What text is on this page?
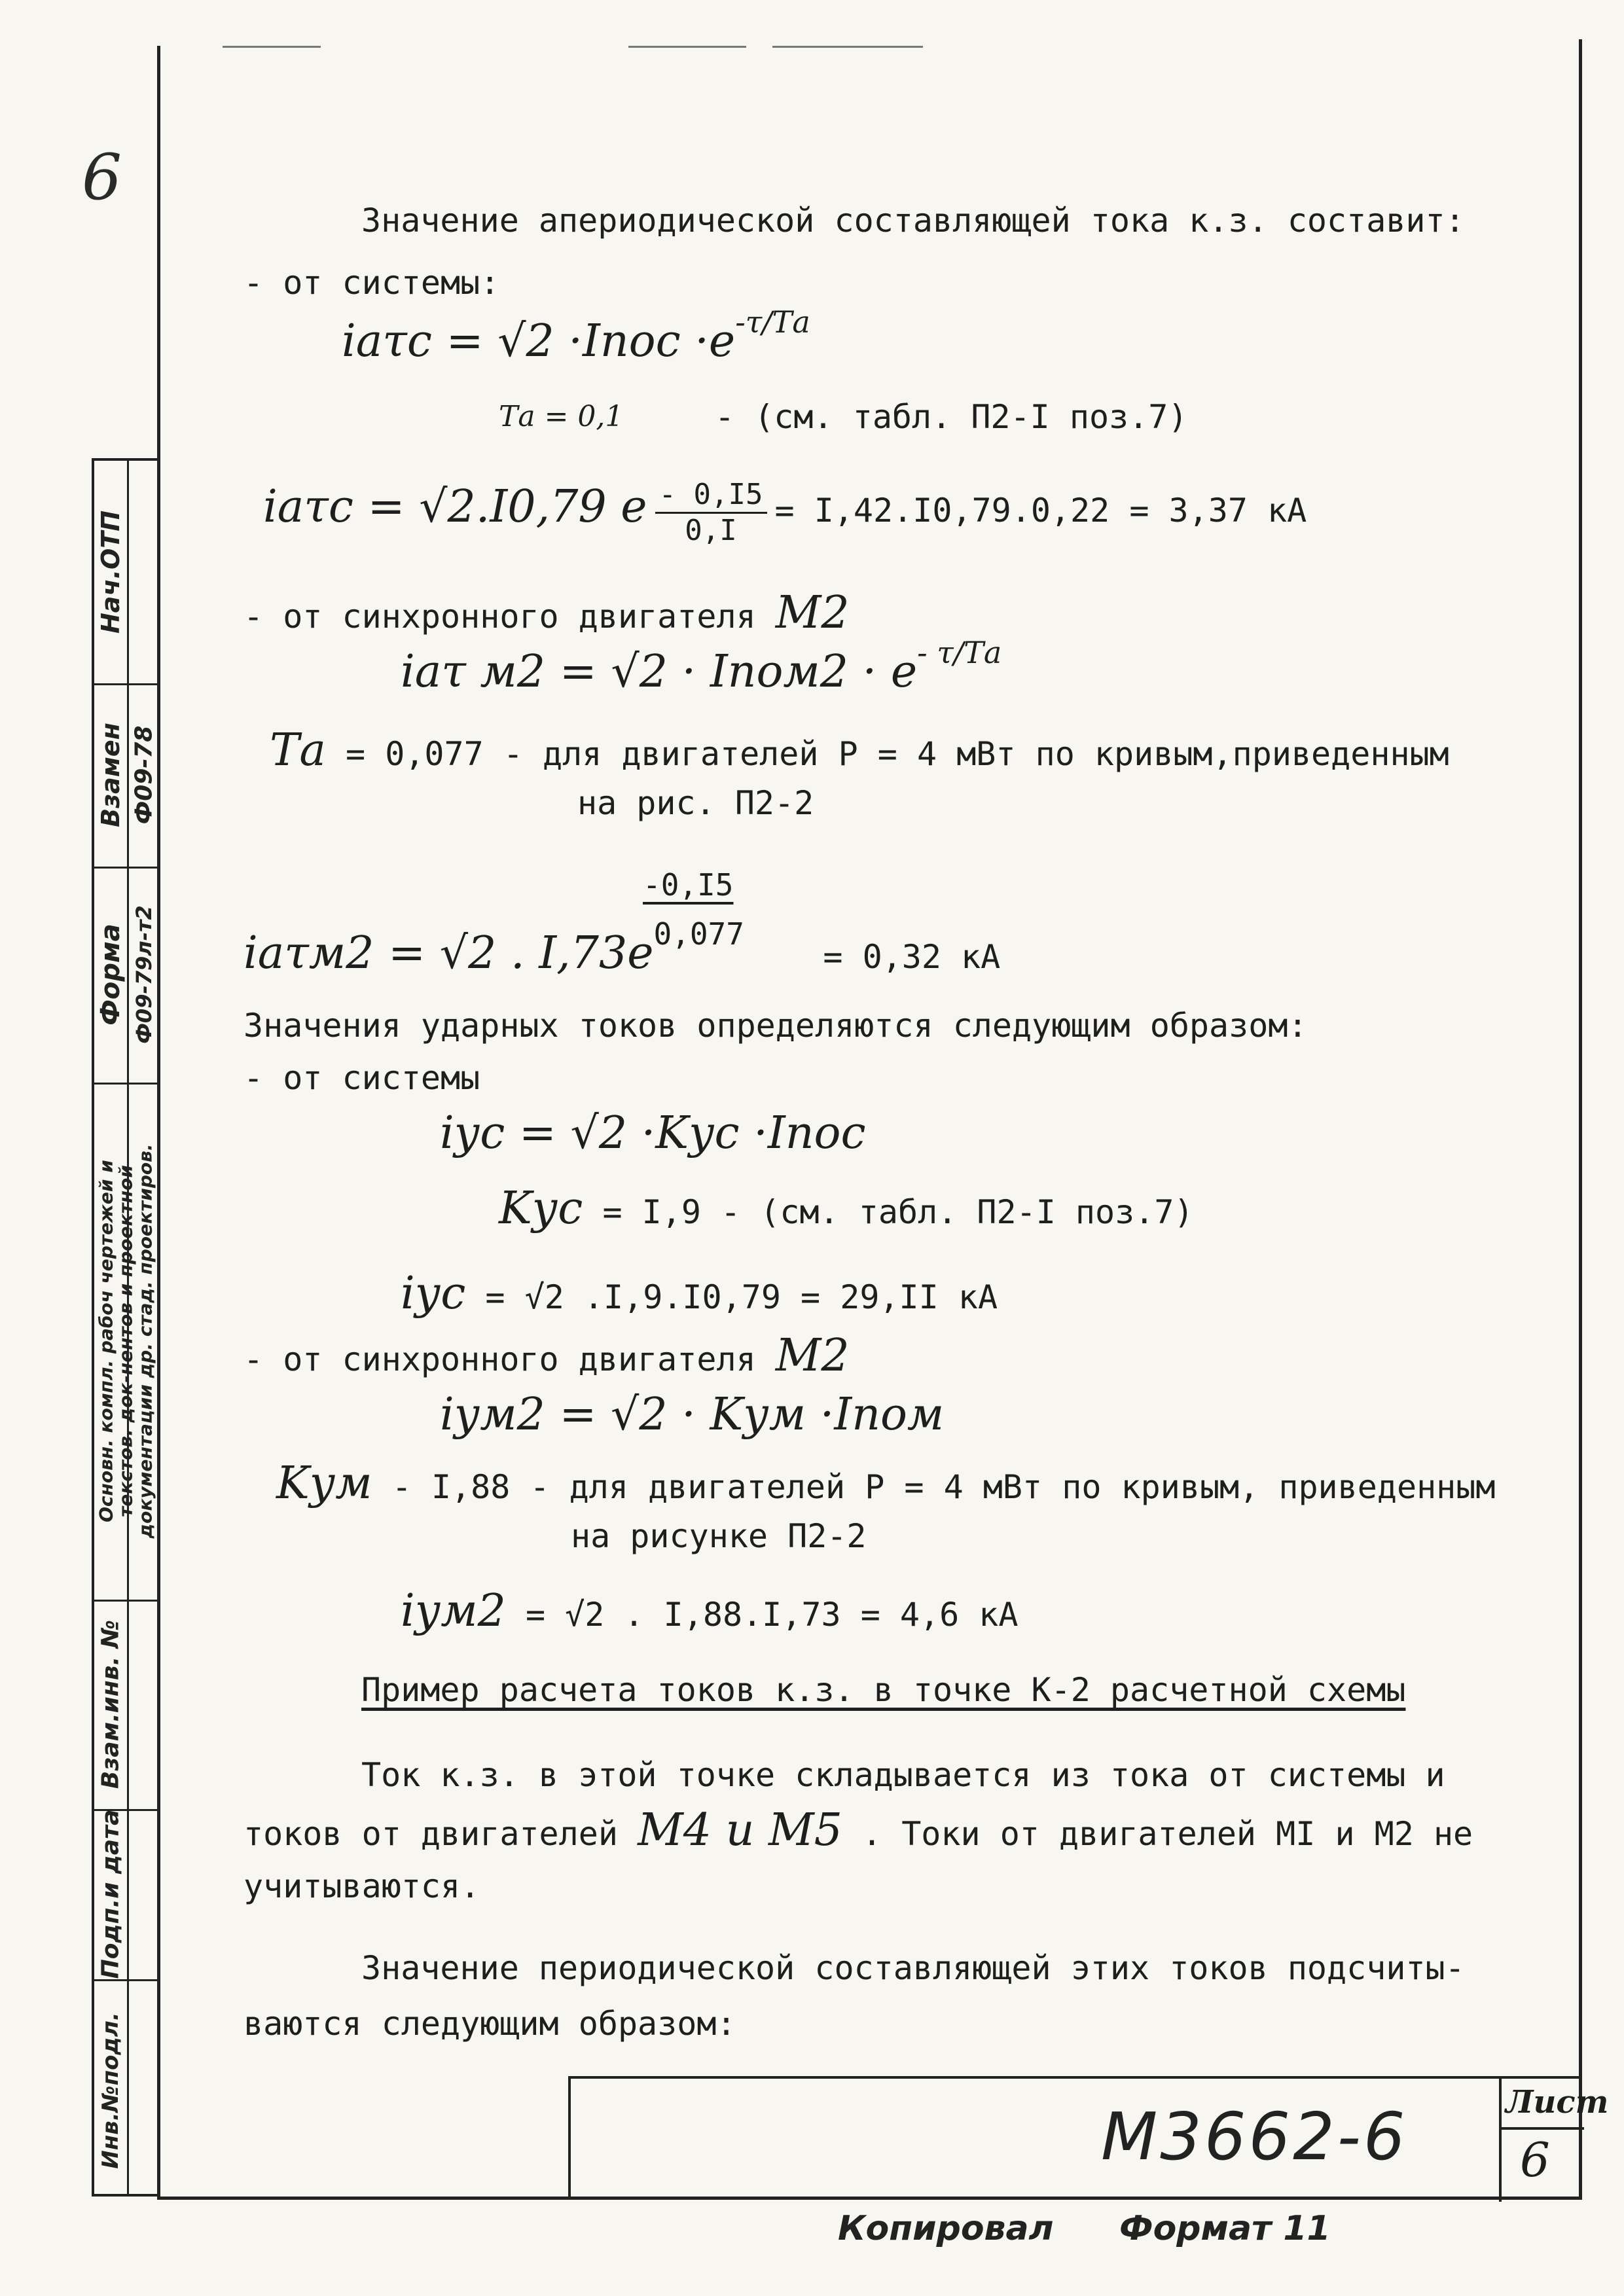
6
Нач.ОТП
Взамен Ф09-78
Форма Ф09-79л-т2
Основн. компл. рабоч чертежей и
текстов. док-нентов и проектной
документации др. стад. проектиров.
Взам.инв. №
Подп.и дата
Инв.№подл.
Значение апериодической составляющей тока к.з. составит:
- от системы:
iaτс = √2 ·Iпос $\cdot e^{-\tau/Tа}$
Та = 0,1	- (см. табл. П2-I поз.7)
iaτс = √2.I0,79 e $\frac{- 0,I5}{0,I} = I,42.I0,79.0,22 = 3,37$ кА
- от синхронного двигателя М2
iaτ м2 = √2 · Iпом2 · $e^{- \tau/Tа}$
Тa = 0,077 - для двигателей Р = 4 мВт по кривым,приведенным
на рис. П2-2
-0,I5
iaτм2 = √2 . I,73e0,077    = 0,32 кА
Значения ударных токов определяются следующим образом:
- от системы
iус = √2 ·Kус ·Iпос
Kус = I,9 - (см. табл. П2-I поз.7)
iус = √2 .I,9.I0,79 = 29,II кА
- от синхронного двигателя М2
iум2 = √2 · Kум ·Iпом
Kум - I,88 - для двигателей Р = 4 мВт по кривым, приведенным
на рисунке П2-2
iум2 = √2 . I,88.I,73 = 4,6 кА
Пример расчета токов к.з. в точке К-2 расчетной схемы
Ток к.з. в этой точке складывается из тока от системы и
токов от двигателей М4 и М5 . Токи от двигателей МI и М2 не
учитываются.
Значение периодической составляющей этих токов подсчиты-
ваются следующим образом:
М3662-6	Лист
6
Копировал Формат 11
